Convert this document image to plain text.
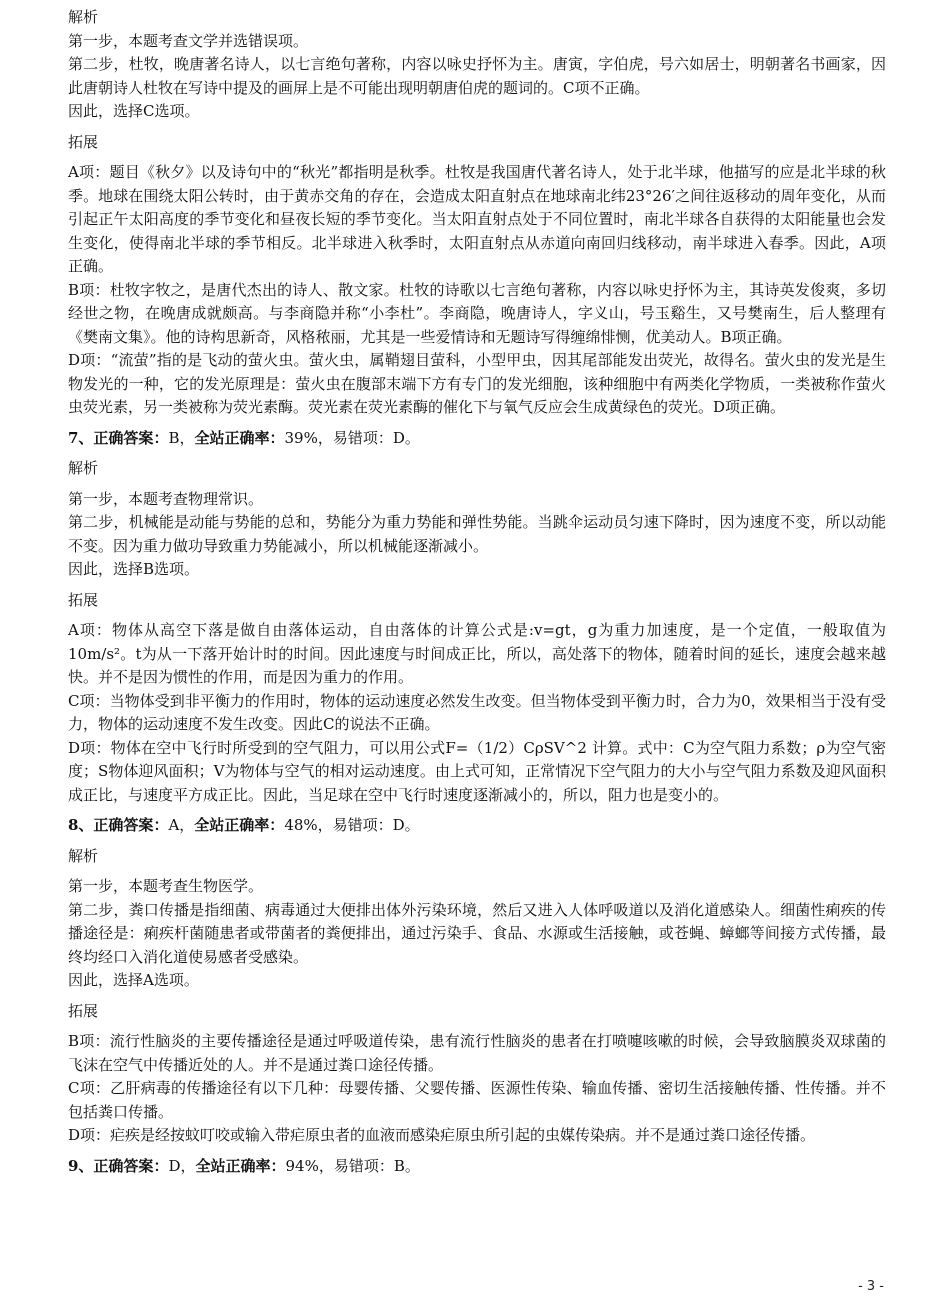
解析

第一步，本题考查文学并选错误项。

第二步，杜牧，晚唐著名诗人，以七言绝句著称，内容以咏史抒怀为主。唐寅，字伯虎，号六如居士，明朝著名书画家，因此唐朝诗人杜牧在写诗中提及的画屏上是不可能出现明朝唐伯虎的题词的。C项不正确。

因此，选择C选项。

拓展

A项：题目《秋夕》以及诗句中的“秋光”都指明是秋季。杜牧是我国唐代著名诗人，处于北半球，他描写的应是北半球的秋季。地球在围绕太阳公转时，由于黄赤交角的存在，会造成太阳直射点在地球南北纬23°26′之间往返移动的周年变化，从而引起正午太阳高度的季节变化和昼夜长短的季节变化。当太阳直射点处于不同位置时，南北半球各自获得的太阳能量也会发生变化，使得南北半球的季节相反。北半球进入秋季时，太阳直射点从赤道向南回归线移动，南半球进入春季。因此，A项正确。

B项：杜牧字牧之，是唐代杰出的诗人、散文家。杜牧的诗歌以七言绝句著称，内容以咏史抒怀为主，其诗英发俊爽，多切经世之物，在晚唐成就颇高。与李商隐并称“小李杜”。李商隐，晚唐诗人，字义山，号玉谿生，又号樊南生，后人整理有《樊南文集》。他的诗构思新奇，风格秾丽，尤其是一些爱情诗和无题诗写得缠绵悱恻，优美动人。B项正确。

D项：“流萤”指的是飞动的萤火虫。萤火虫，属鞘翅目萤科，小型甲虫，因其尾部能发出荧光，故得名。萤火虫的发光是生物发光的一种，它的发光原理是：萤火虫在腹部末端下方有专门的发光细胞，该种细胞中有两类化学物质，一类被称作萤火虫荧光素，另一类被称为荧光素酶。荧光素在荧光素酶的催化下与氧气反应会生成黄绿色的荧光。D项正确。

7、正确答案：B，全站正确率：39%，易错项：D。

解析

第一步，本题考查物理常识。

第二步，机械能是动能与势能的总和，势能分为重力势能和弹性势能。当跳伞运动员匀速下降时，因为速度不变，所以动能不变。因为重力做功导致重力势能减小，所以机械能逐渐减小。

因此，选择B选项。

拓展

A项：物体从高空下落是做自由落体运动，自由落体的计算公式是:v=gt，g为重力加速度，是一个定值，一般取值为10m/s²。t为从一下落开始计时的时间。因此速度与时间成正比，所以，高处落下的物体，随着时间的延长，速度会越来越快。并不是因为惯性的作用，而是因为重力的作用。

C项：当物体受到非平衡力的作用时，物体的运动速度必然发生改变。但当物体受到平衡力时，合力为0，效果相当于没有受力，物体的运动速度不发生改变。因此C的说法不正确。

D项：物体在空中飞行时所受到的空气阻力，可以用公式F=（1/2）CρSV^2 计算。式中：C为空气阻力系数；ρ为空气密度；S物体迎风面积；V为物体与空气的相对运动速度。由上式可知，正常情况下空气阻力的大小与空气阻力系数及迎风面积成正比，与速度平方成正比。因此，当足球在空中飞行时速度逐渐减小的，所以，阻力也是变小的。

8、正确答案：A，全站正确率：48%，易错项：D。

解析

第一步，本题考查生物医学。

第二步，粪口传播是指细菌、病毒通过大便排出体外污染环境，然后又进入人体呼吸道以及消化道感染人。细菌性痢疾的传播途径是：痢疾杆菌随患者或带菌者的粪便排出，通过污染手、食品、水源或生活接触，或苍蝇、蟑螂等间接方式传播，最终均经口入消化道使易感者受感染。

因此，选择A选项。

拓展

B项：流行性脑炎的主要传播途径是通过呼吸道传染，患有流行性脑炎的患者在打喷嚏咳嗽的时候，会导致脑膜炎双球菌的飞沫在空气中传播近处的人。并不是通过粪口途径传播。

C项：乙肝病毒的传播途径有以下几种：母婴传播、父婴传播、医源性传染、输血传播、密切生活接触传播、性传播。并不包括粪口传播。

D项：疟疾是经按蚊叮咬或输入带疟原虫者的血液而感染疟原虫所引起的虫媒传染病。并不是通过粪口途径传播。

9、正确答案：D，全站正确率：94%，易错项：B。

- 3 -
